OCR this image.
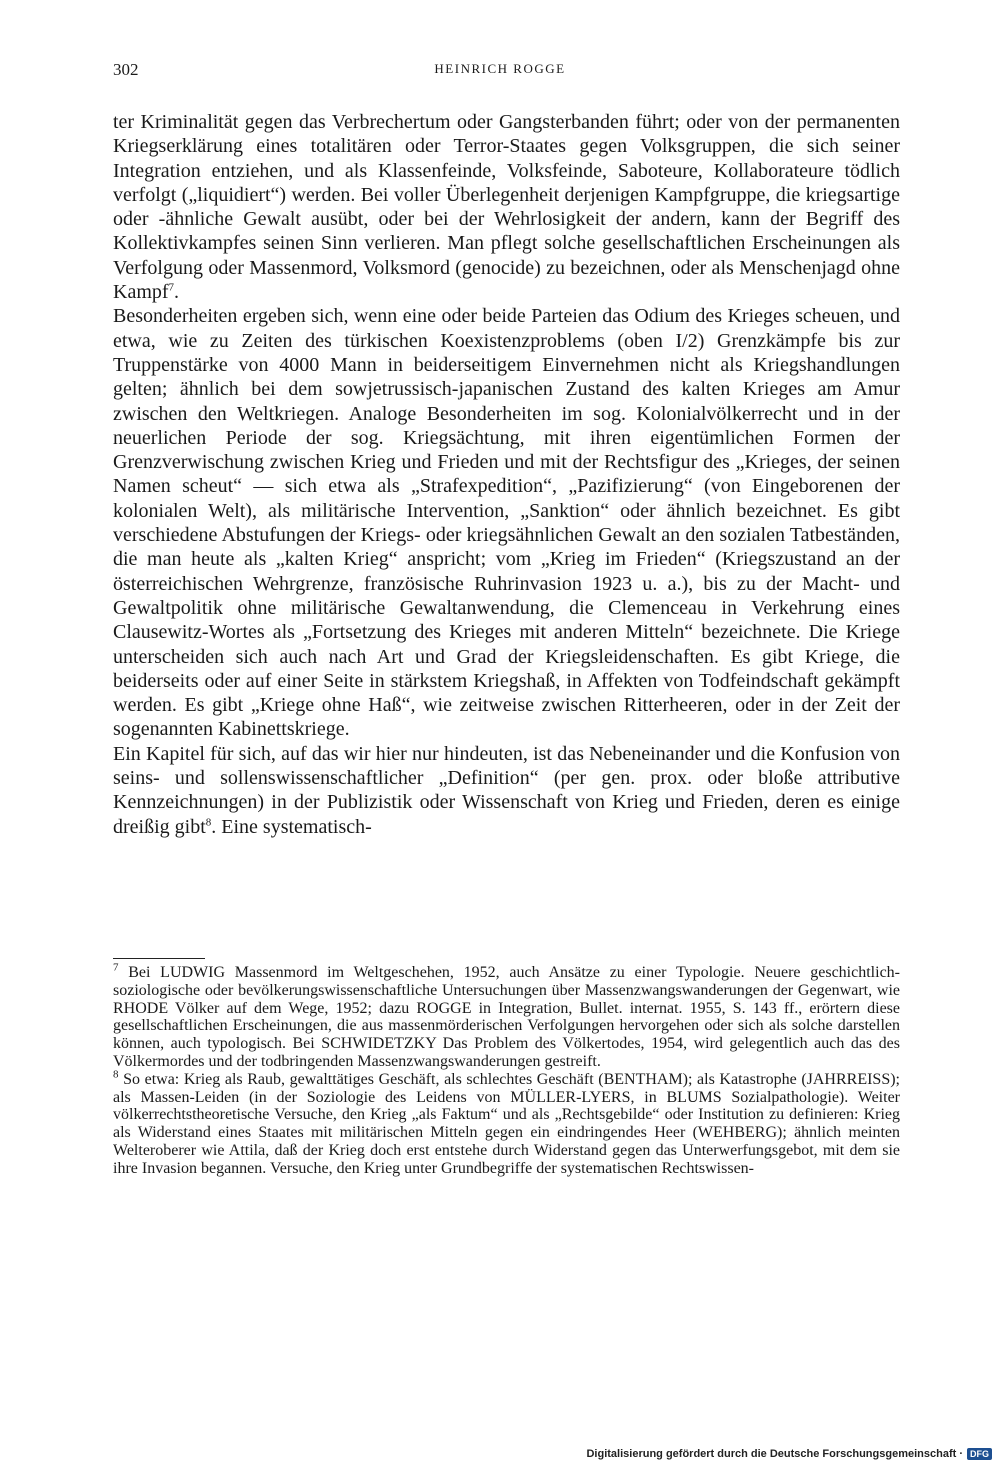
302	HEINRICH ROGGE

ter Kriminalität gegen das Verbrechertum oder Gangsterbanden führt; oder von der permanenten Kriegserklärung eines totalitären oder Terror-Staates gegen Volksgruppen, die sich seiner Integration entziehen, und als Klassenfeinde, Volksfeinde, Saboteure, Kollaborateure tödlich verfolgt („liquidiert“) werden. Bei voller Überlegenheit derjenigen Kampfgruppe, die kriegsartige oder -ähnliche Gewalt ausübt, oder bei der Wehrlosigkeit der andern, kann der Begriff des Kollektivkampfes seinen Sinn verlieren. Man pflegt solche gesellschaftlichen Erscheinungen als Verfolgung oder Massenmord, Volksmord (genocide) zu bezeichnen, oder als Menschenjagd ohne Kampf$^7$.

Besonderheiten ergeben sich, wenn eine oder beide Parteien das Odium des Krieges scheuen, und etwa, wie zu Zeiten des türkischen Koexistenzproblems (oben I/2) Grenzkämpfe bis zur Truppenstärke von 4000 Mann in beiderseitigem Einvernehmen nicht als Kriegshandlungen gelten; ähnlich bei dem sowjetrussisch-japanischen Zustand des kalten Krieges am Amur zwischen den Weltkriegen. Analoge Besonderheiten im sog. Kolonialvölkerrecht und in der neuerlichen Periode der sog. Kriegsächtung, mit ihren eigentümlichen Formen der Grenzverwischung zwischen Krieg und Frieden und mit der Rechtsfigur des „Krieges, der seinen Namen scheut“ — sich etwa als „Strafexpedition“, „Pazifizierung“ (von Eingeborenen der kolonialen Welt), als militärische Intervention, „Sanktion“ oder ähnlich bezeichnet. Es gibt verschiedene Abstufungen der Kriegs- oder kriegsähnlichen Gewalt an den sozialen Tatbeständen, die man heute als „kalten Krieg“ anspricht; vom „Krieg im Frieden“ (Kriegszustand an der österreichischen Wehrgrenze, französische Ruhrinvasion 1923 u. a.), bis zu der Macht- und Gewaltpolitik ohne militärische Gewaltanwendung, die Clemenceau in Verkehrung eines Clausewitz-Wortes als „Fortsetzung des Krieges mit anderen Mitteln“ bezeichnete. Die Kriege unterscheiden sich auch nach Art und Grad der Kriegsleidenschaften. Es gibt Kriege, die beiderseits oder auf einer Seite in stärkstem Kriegshaß, in Affekten von Todfeindschaft gekämpft werden. Es gibt „Kriege ohne Haß“, wie zeitweise zwischen Ritterheeren, oder in der Zeit der sogenannten Kabinettskriege.

Ein Kapitel für sich, auf das wir hier nur hindeuten, ist das Nebeneinander und die Konfusion von seins- und sollenswissenschaftlicher „Definition“ (per gen. prox. oder bloße attributive Kennzeichnungen) in der Publizistik oder Wissenschaft von Krieg und Frieden, deren es einige dreißig gibt$^8$. Eine systematisch-

$^7$ Bei LUDWIG Massenmord im Weltgeschehen, 1952, auch Ansätze zu einer Typologie. Neuere geschichtlich-soziologische oder bevölkerungswissenschaftliche Untersuchungen über Massenzwangswanderungen der Gegenwart, wie RHODE Völker auf dem Wege, 1952; dazu ROGGE in Integration, Bullet. internat. 1955, S. 143 ff., erörtern diese gesellschaftlichen Erscheinungen, die aus massenmörderischen Verfolgungen hervorgehen oder sich als solche darstellen können, auch typologisch. Bei SCHWIDETZKY Das Problem des Völkertodes, 1954, wird gelegentlich auch das des Völkermordes und der todbringenden Massenzwangswanderungen gestreift.

$^8$ So etwa: Krieg als Raub, gewalttätiges Geschäft, als schlechtes Geschäft (BENTHAM); als Katastrophe (JAHRREISS); als Massen-Leiden (in der Soziologie des Leidens von MÜLLER-LYERS, in BLUMS Sozialpathologie). Weiter völkerrechtstheoretische Versuche, den Krieg „als Faktum“ und als „Rechtsgebilde“ oder Institution zu definieren: Krieg als Widerstand eines Staates mit militärischen Mitteln gegen ein eindringendes Heer (WEHBERG); ähnlich meinten Welteroberer wie Attila, daß der Krieg doch erst entstehe durch Widerstand gegen das Unterwerfungsgebot, mit dem sie ihre Invasion begannen. Versuche, den Krieg unter Grundbegriffe der systematischen Rechtswissen-

Digitalisierung gefördert durch die Deutsche Forschungsgemeinschaft · DFG
